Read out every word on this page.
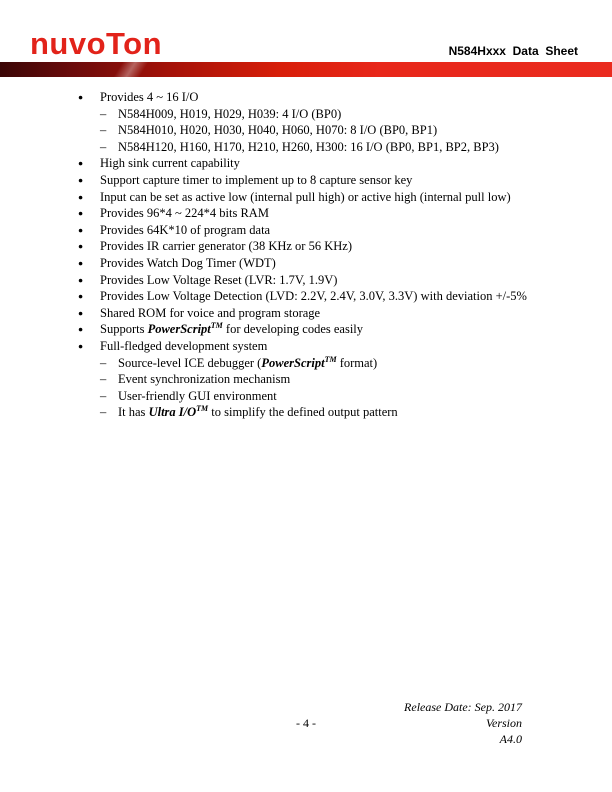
nuvoTon	N584Hxxx  Data  Sheet
●	Provides 4 ~ 16 I/O
– N584H009, H019, H029, H039: 4 I/O (BP0)
– N584H010, H020, H030, H040, H060, H070: 8 I/O (BP0, BP1)
– N584H120, H160, H170, H210, H260, H300: 16 I/O (BP0, BP1, BP2, BP3)
●	High sink current capability
●	Support capture timer to implement up to 8 capture sensor key
●	Input can be set as active low (internal pull high) or active high (internal pull low)
●	Provides 96*4 ~ 224*4 bits RAM
●	Provides 64K*10 of program data
●	Provides IR carrier generator (38 KHz or 56 KHz)
●	Provides Watch Dog Timer (WDT)
●	Provides Low Voltage Reset (LVR: 1.7V, 1.9V)
●	Provides Low Voltage Detection (LVD: 2.2V, 2.4V, 3.0V, 3.3V) with deviation +/-5%
●	Shared ROM for voice and program storage
●	Supports PowerScript™ for developing codes easily
●	Full-fledged development system
– Source-level ICE debugger (PowerScript™ format)
– Event synchronization mechanism
– User-friendly GUI environment
– It has Ultra I/O™ to simplify the defined output pattern
- 4 -
Release Date: Sep. 2017
Version
A4.0
